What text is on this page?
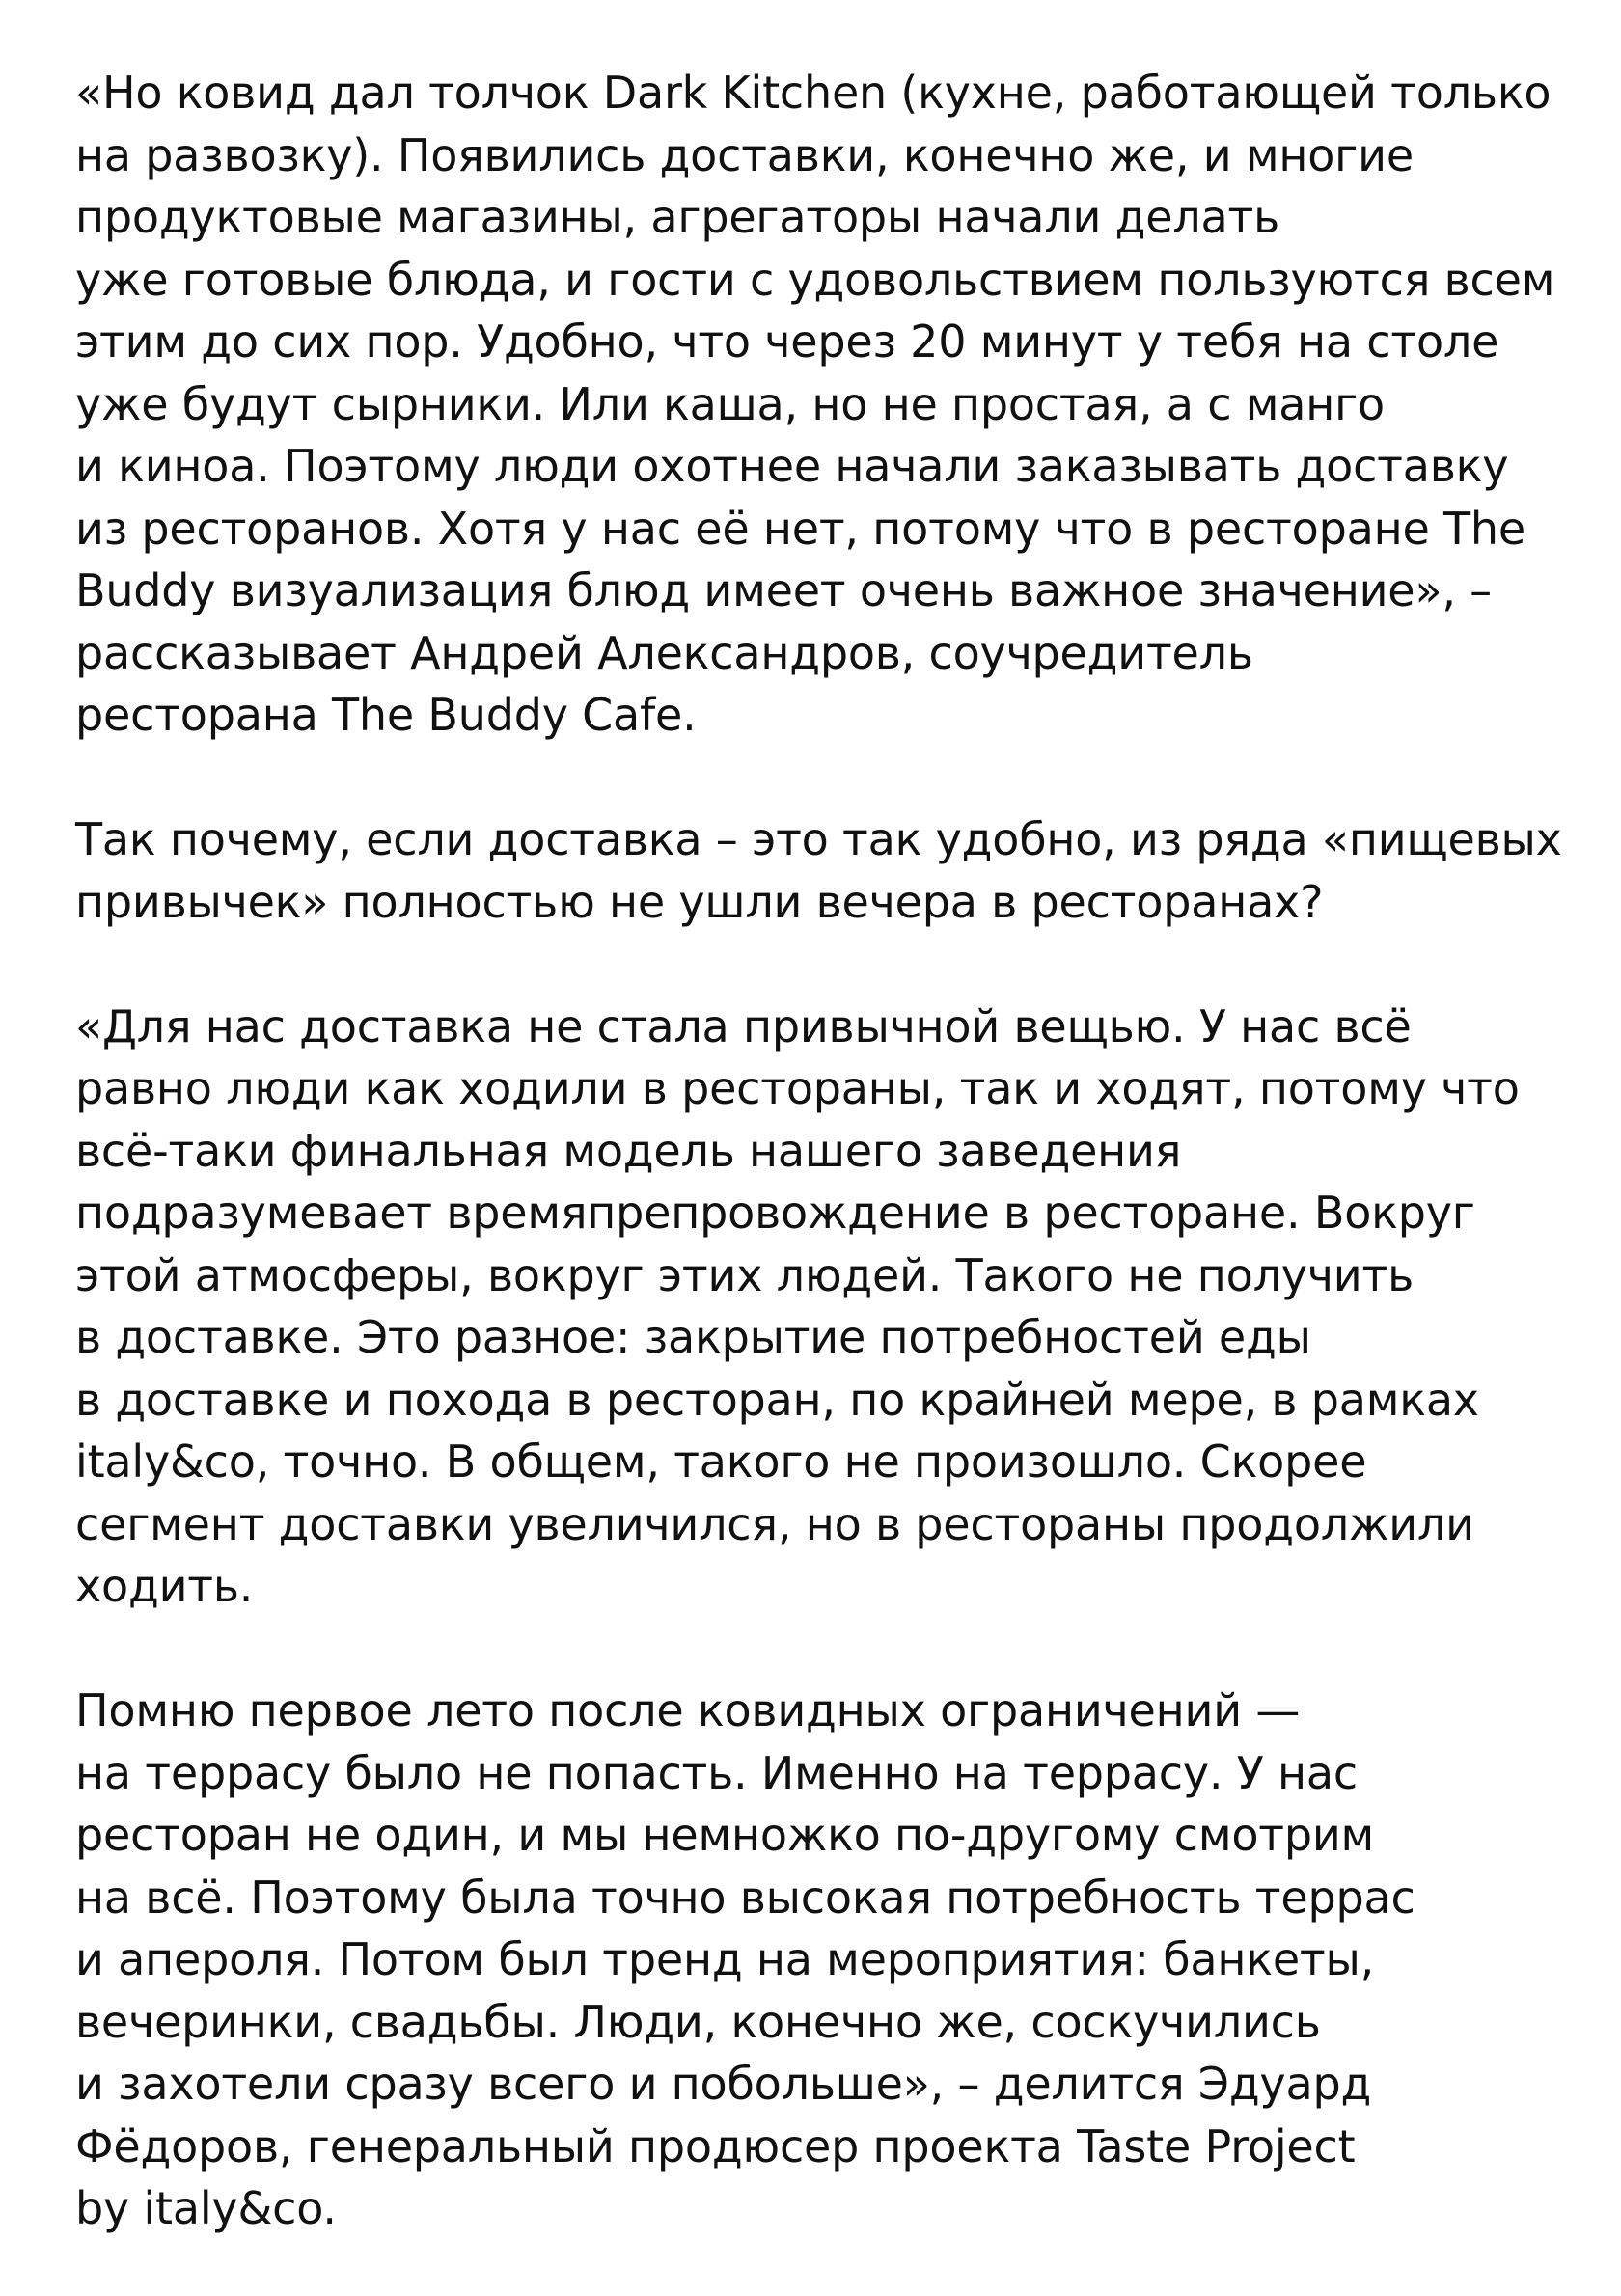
«Но ковид дал толчок Dark Kitchen (кухне, работающей только
на развозку). Появились доставки, конечно же, и многие
продуктовые магазины, агрегаторы начали делать
уже готовые блюда, и гости с удовольствием пользуются всем
этим до сих пор. Удобно, что через 20 минут у тебя на столе
уже будут сырники. Или каша, но не простая, а с манго
и киноа. Поэтому люди охотнее начали заказывать доставку
из ресторанов. Хотя у нас её нет, потому что в ресторане The
Buddy визуализация блюд имеет очень важное значение», –
рассказывает Андрей Александров, соучредитель
ресторана The Buddy Cafe.

Так почему, если доставка – это так удобно, из ряда «пищевых
привычек» полностью не ушли вечера в ресторанах?

«Для нас доставка не стала привычной вещью. У нас всё
равно люди как ходили в рестораны, так и ходят, потому что
всё-таки финальная модель нашего заведения
подразумевает времяпрепровождение в ресторане. Вокруг
этой атмосферы, вокруг этих людей. Такого не получить
в доставке. Это разное: закрытие потребностей еды
в доставке и похода в ресторан, по крайней мере, в рамках
italy&co, точно. В общем, такого не произошло. Скорее
сегмент доставки увеличился, но в рестораны продолжили
ходить.

Помню первое лето после ковидных ограничений —
на террасу было не попасть. Именно на террасу. У нас
ресторан не один, и мы немножко по-другому смотрим
на всё. Поэтому была точно высокая потребность террас
и апероля. Потом был тренд на мероприятия: банкеты,
вечеринки, свадьбы. Люди, конечно же, соскучились
и захотели сразу всего и побольше», – делится Эдуард
Фёдоров, генеральный продюсер проекта Taste Project
by italy&co.
